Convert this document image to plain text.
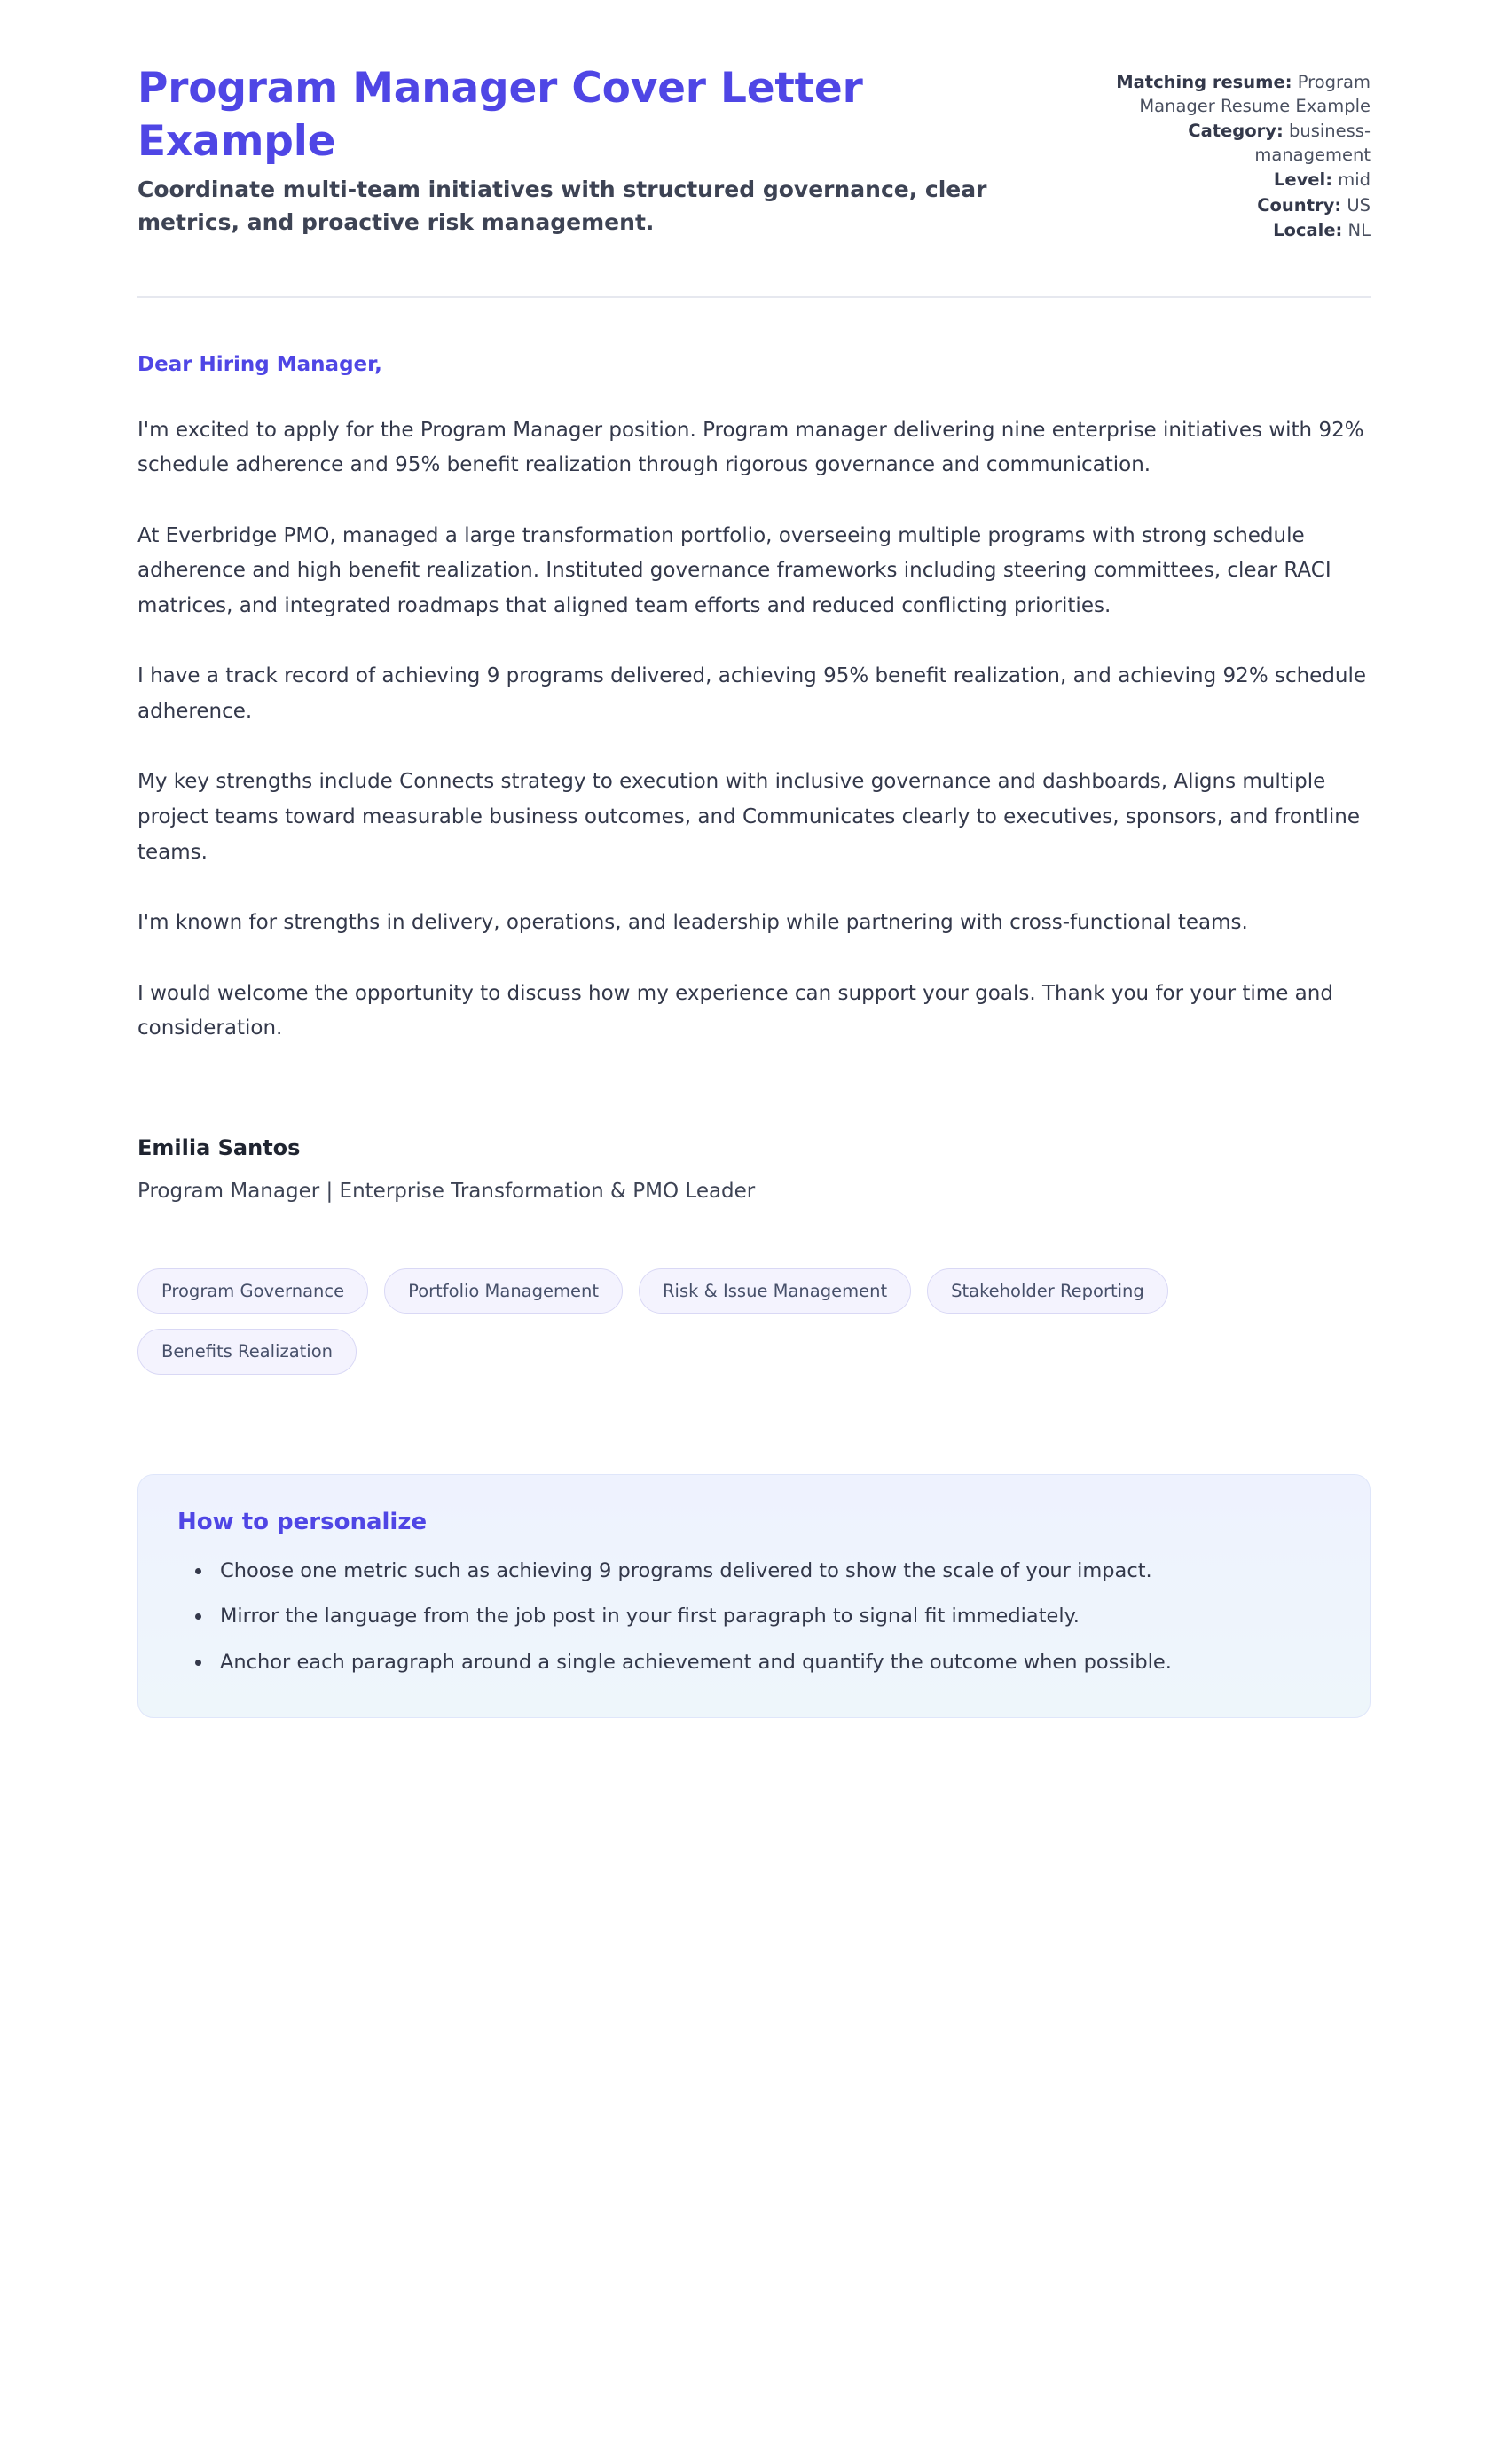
Program Manager Cover Letter Example

Coordinate multi-team initiatives with structured governance, clear metrics, and proactive risk management.

Matching resume: Program Manager Resume Example
Category: business-management
Level: mid
Country: US
Locale: NL

Dear Hiring Manager,

I'm excited to apply for the Program Manager position. Program manager delivering nine enterprise initiatives with 92% schedule adherence and 95% benefit realization through rigorous governance and communication.

At Everbridge PMO, managed a large transformation portfolio, overseeing multiple programs with strong schedule adherence and high benefit realization. Instituted governance frameworks including steering committees, clear RACI matrices, and integrated roadmaps that aligned team efforts and reduced conflicting priorities.

I have a track record of achieving 9 programs delivered, achieving 95% benefit realization, and achieving 92% schedule adherence.

My key strengths include Connects strategy to execution with inclusive governance and dashboards, Aligns multiple project teams toward measurable business outcomes, and Communicates clearly to executives, sponsors, and frontline teams.

I'm known for strengths in delivery, operations, and leadership while partnering with cross-functional teams.

I would welcome the opportunity to discuss how my experience can support your goals. Thank you for your time and consideration.

Emilia Santos

Program Manager | Enterprise Transformation & PMO Leader

Program Governance	Portfolio Management	Risk & Issue Management	Stakeholder Reporting
Benefits Realization
How to personalize
• Choose one metric such as achieving 9 programs delivered to show the scale of your impact.
• Mirror the language from the job post in your first paragraph to signal fit immediately.
• Anchor each paragraph around a single achievement and quantify the outcome when possible.
